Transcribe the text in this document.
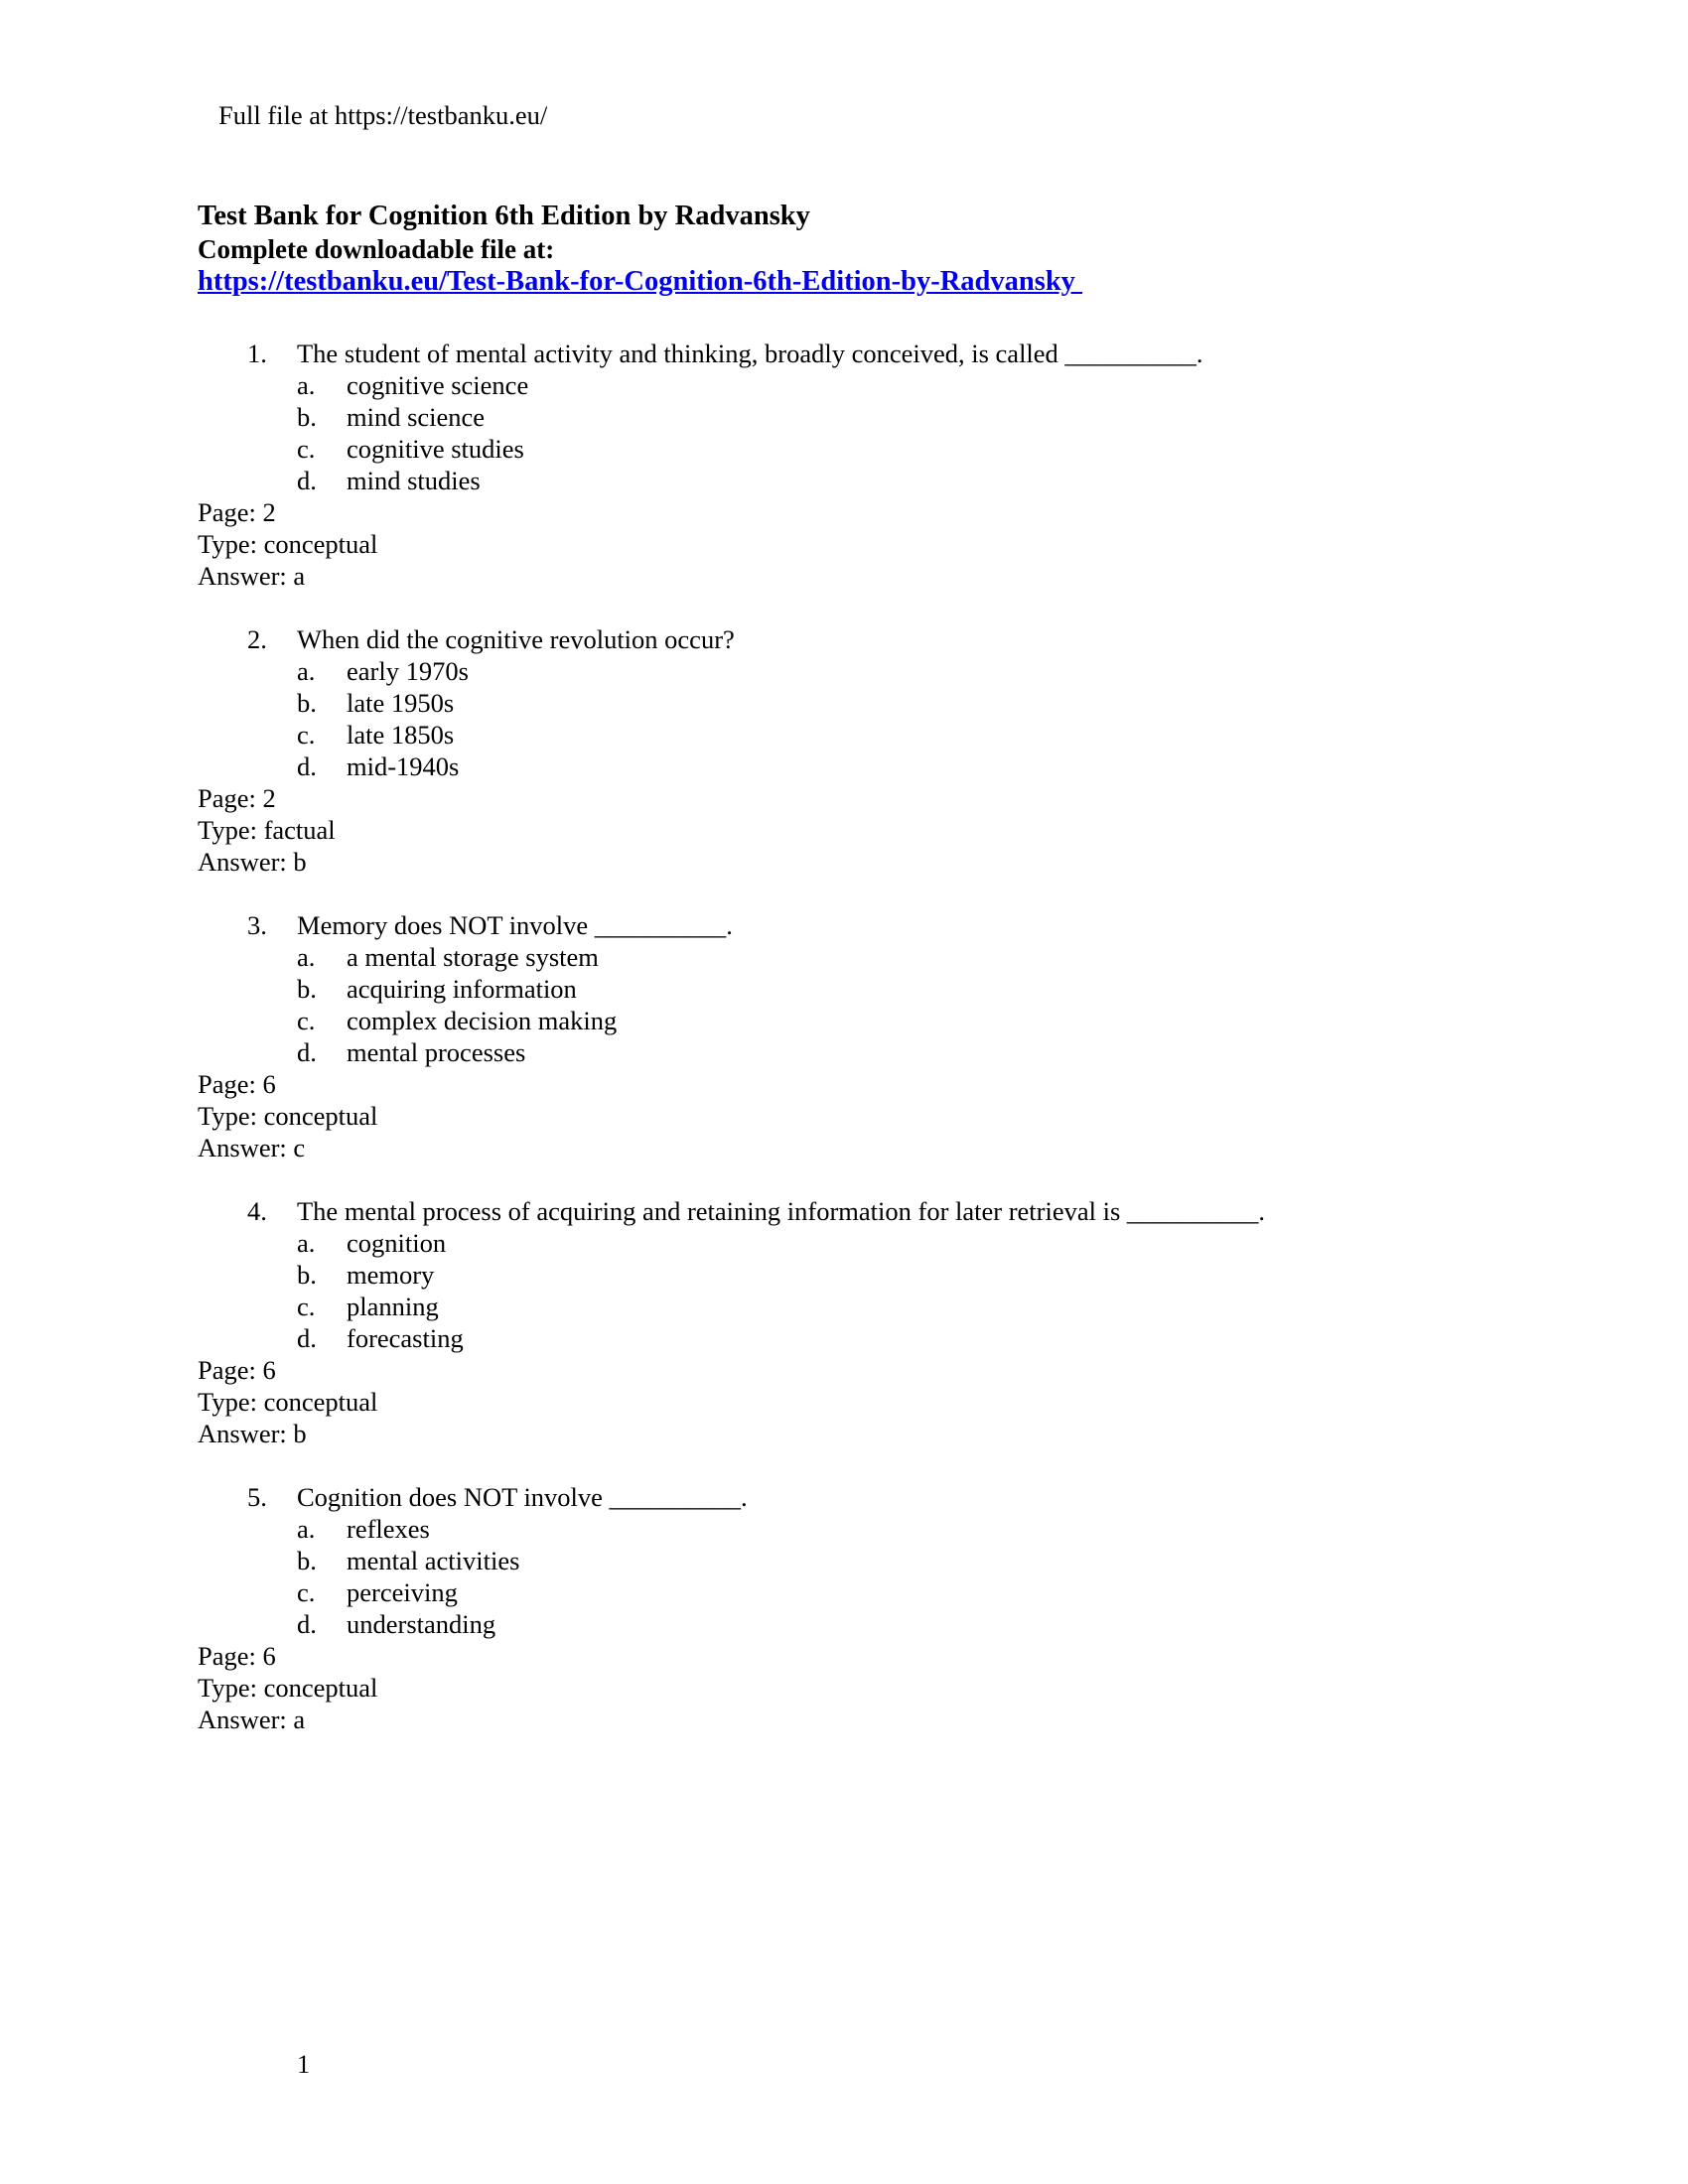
Full file at https://testbanku.eu/
Test Bank for Cognition 6th Edition by Radvansky
Complete downloadable file at:
https://testbanku.eu/Test-Bank-for-Cognition-6th-Edition-by-Radvansky
1. The student of mental activity and thinking, broadly conceived, is called __________.
a. cognitive science
b. mind science
c. cognitive studies
d. mind studies
Page: 2
Type: conceptual
Answer: a
2. When did the cognitive revolution occur?
a. early 1970s
b. late 1950s
c. late 1850s
d. mid-1940s
Page: 2
Type: factual
Answer: b
3. Memory does NOT involve __________.
a. a mental storage system
b. acquiring information
c. complex decision making
d. mental processes
Page: 6
Type: conceptual
Answer: c
4. The mental process of acquiring and retaining information for later retrieval is __________.
a. cognition
b. memory
c. planning
d. forecasting
Page: 6
Type: conceptual
Answer: b
5. Cognition does NOT involve __________.
a. reflexes
b. mental activities
c. perceiving
d. understanding
Page: 6
Type: conceptual
Answer: a
1
